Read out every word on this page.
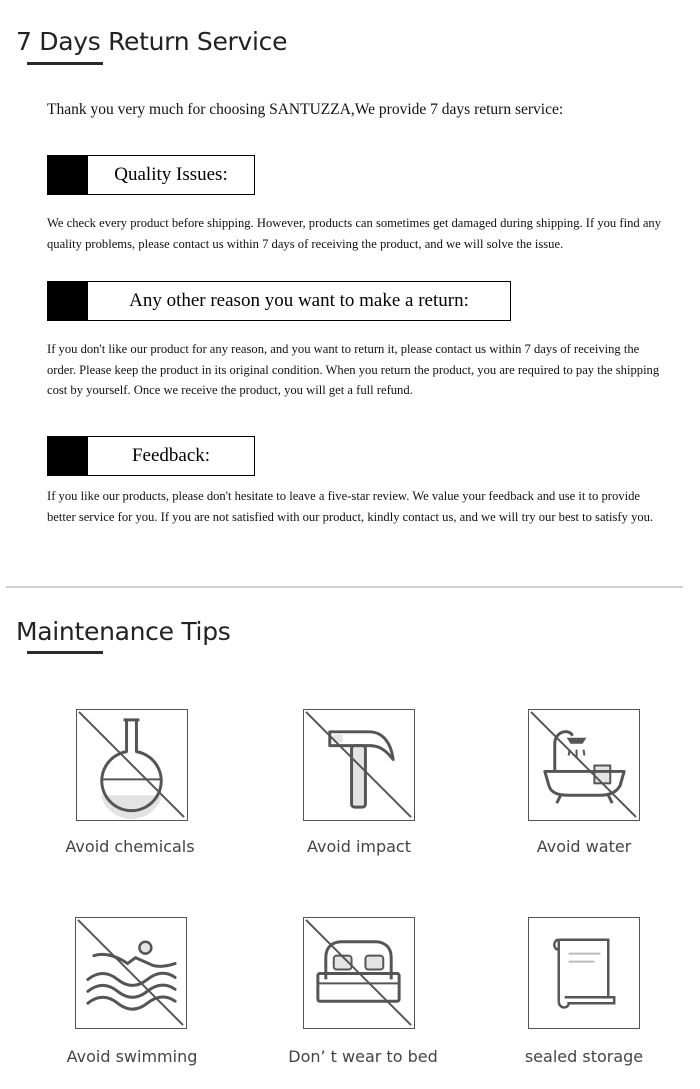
7 Days Return Service
Thank you very much for choosing SANTUZZA,We provide 7 days return service:
Quality Issues:
We check every product before shipping. However, products can sometimes get damaged during shipping. If you find any quality problems, please contact us within 7 days of receiving the product, and we will solve the issue.
Any other reason you want to make a return:
If you don't like our product for any reason, and you want to return it, please contact us within 7 days of receiving the order. Please keep the product in its original condition. When you return the product, you are required to pay the shipping cost by yourself. Once we receive the product, you will get a full refund.
Feedback:
If you like our products, please don't hesitate to leave a five-star review. We value your feedback and use it to provide better service for you. If you are not satisfied with our product, kindly contact us, and we will try our best to satisfy you.
Maintenance Tips
Avoid chemicals	Avoid impact	Avoid water
Avoid swimming	Don’ t wear to bed	sealed storage
